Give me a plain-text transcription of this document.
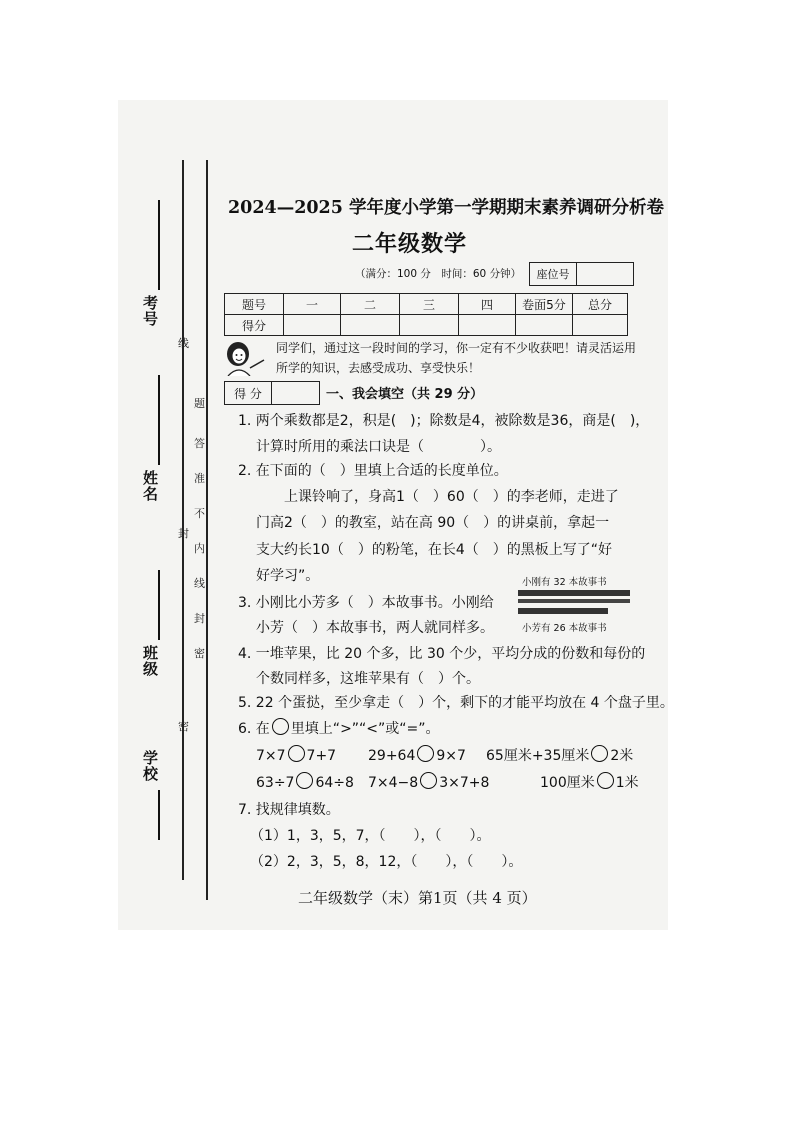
考号
姓名
班级
学校
线
题
答
准
不
封
内
线
封
密
密
2024—2025 学年度小学第一学期期末素养调研分析卷
二年级数学
（满分：100 分　时间：60 分钟）	座位号
题号	一	二	三	四	卷面5分	总分
得分						
同学们，通过这一段时间的学习，你一定有不少收获吧！请灵活运用所学的知识，去感受成功、享受快乐！
得 分	一、我会填空（共 29 分）
1. 两个乘数都是2，积是(　)；除数是4，被除数是36，商是(　)，
计算时所用的乘法口诀是（　　　　）。
2. 在下面的（　）里填上合适的长度单位。
上课铃响了，身高1（　）60（　）的李老师，走进了
门高2（　）的教室，站在高 90（　）的讲桌前，拿起一
支大约长10（　）的粉笔，在长4（　）的黑板上写了“好
好学习”。
3. 小刚比小芳多（　）本故事书。小刚给
小芳（　）本故事书，两人就同样多。
小刚有 32 本故事书
小芳有 26 本故事书
4. 一堆苹果，比 20 个多，比 30 个少，平均分成的份数和每份的
个数同样多，这堆苹果有（　）个。
5. 22 个蛋挞，至少拿走（　）个，剩下的才能平均放在 4 个盘子里。
6. 在 里填上“>”“<”或“=”。
7×7 7+7 29+64 9×7 65厘米+35厘米 2米
63÷7 64÷8 7×4−8 3×7+8	100厘米 1米
7. 找规律填数。
（1）1，3，5，7，（　　），（　　）。
（2）2，3，5，8，12，（　　），（　　）。
二年级数学（末）第1页（共 4 页）
